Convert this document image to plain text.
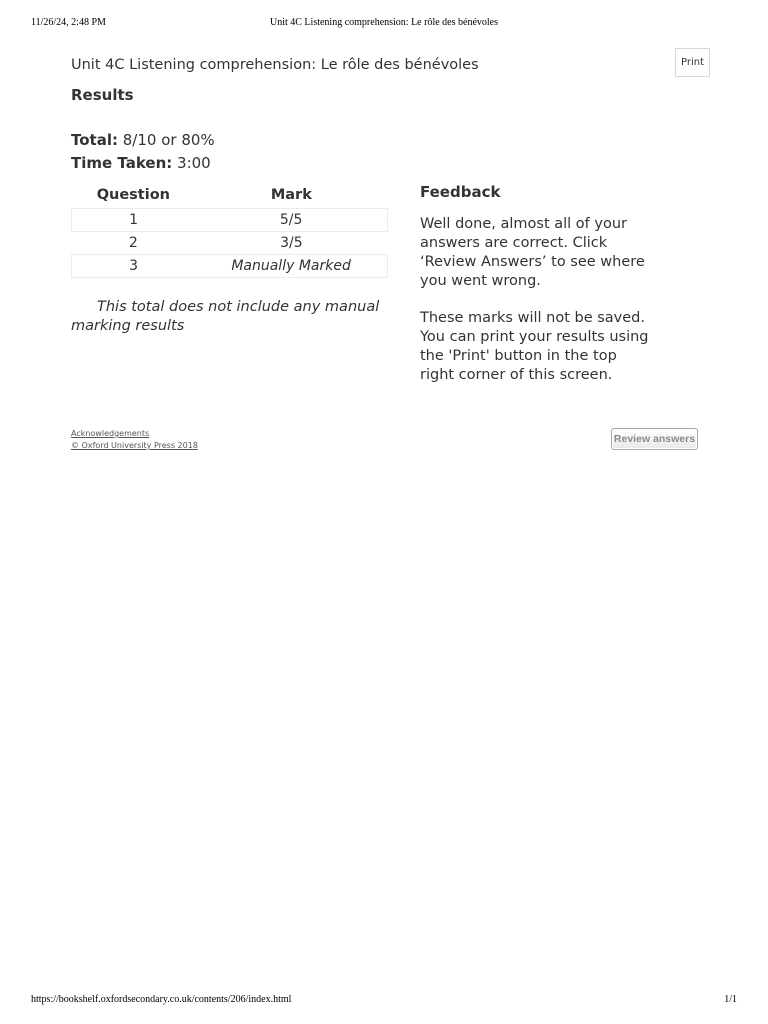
11/26/24, 2:48 PM	Unit 4C Listening comprehension: Le rôle des bénévoles
Unit 4C Listening comprehension: Le rôle des bénévoles	Print
Results
Total: 8/10 or 80%
Time Taken: 3:00
Question	Mark
1	5/5
2	3/5
3	Manually Marked
This total does not include any manual marking results
Feedback

Well done, almost all of your answers are correct. Click ‘Review Answers’ to see where you went wrong.

These marks will not be saved. You can print your results using the 'Print' button in the top right corner of this screen.

Acknowledgements
© Oxford University Press 2018
Review answers
https://bookshelf.oxfordsecondary.co.uk/contents/206/index.html	1/1
